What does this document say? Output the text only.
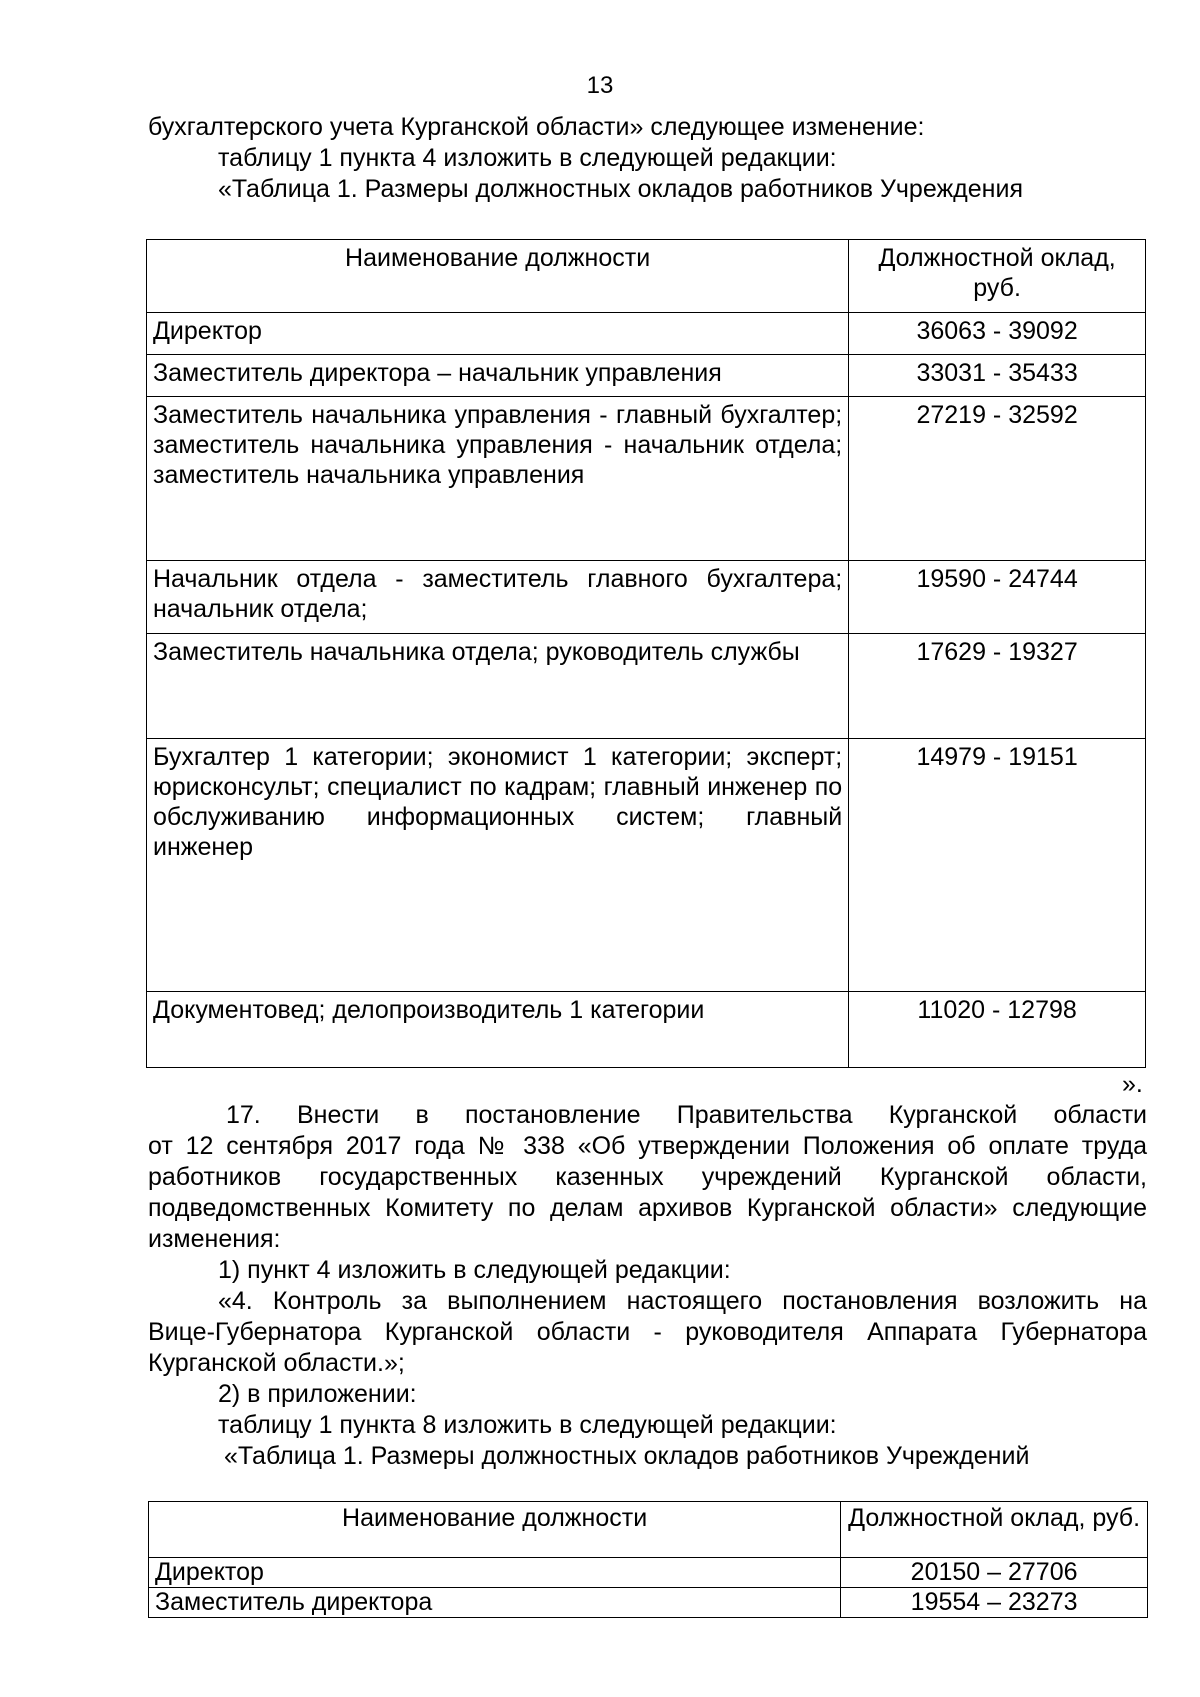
13
бухгалтерского учета Курганской области» следующее изменение:
таблицу 1 пункта 4 изложить в следующей редакции:
«Таблица 1. Размеры должностных окладов работников Учреждения
Наименование должности	Должностной оклад, руб.
Директор	36063 - 39092
Заместитель директора – начальник управления	33031 - 35433
Заместитель начальника управления - главный бухгалтер; заместитель начальника управления - начальник отдела; заместитель начальника управления	27219 - 32592
Начальник отдела - заместитель главного бухгалтера; начальник отдела;	19590 - 24744
Заместитель начальника отдела; руководитель службы	17629 - 19327
Бухгалтер 1 категории; экономист 1 категории; эксперт; юрисконсульт; специалист по кадрам; главный инженер по обслуживанию информационных систем; главный инженер	14979 - 19151
Документовед; делопроизводитель 1 категории	11020 - 12798
».
17. Внести в постановление Правительства Курганской области
от 12 сентября 2017 года № 338 «Об утверждении Положения об оплате труда
работников государственных казенных учреждений Курганской области,
подведомственных Комитету по делам архивов Курганской области» следующие
изменения:
1) пункт 4 изложить в следующей редакции:
«4. Контроль за выполнением настоящего постановления возложить на
Вице-Губернатора Курганской области - руководителя Аппарата Губернатора
Курганской области.»;
2) в приложении:
таблицу 1 пункта 8 изложить в следующей редакции:
«Таблица 1. Размеры должностных окладов работников Учреждений
Наименование должности	Должностной оклад, руб.
Директор	20150 – 27706
Заместитель директора	19554 – 23273
